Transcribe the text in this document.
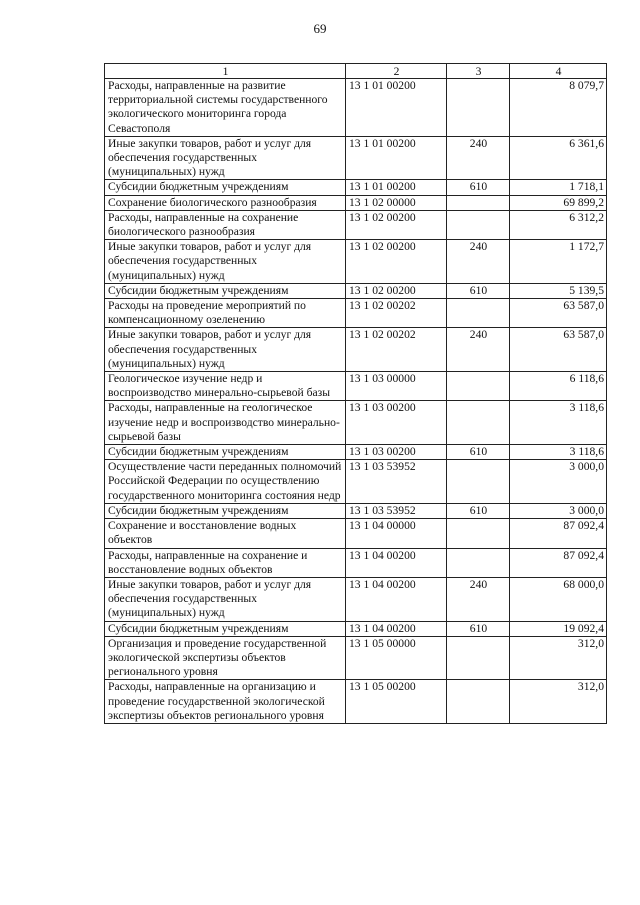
69
1	2	3	4
Расходы, направленные на развитие территориальной системы государственного экологического мониторинга города Севастополя	13 1 01 00200		8 079,7
Иные закупки товаров, работ и услуг для обеспечения государственных (муниципальных) нужд	13 1 01 00200	240	6 361,6
Субсидии бюджетным учреждениям	13 1 01 00200	610	1 718,1
Сохранение биологического разнообразия	13 1 02 00000		69 899,2
Расходы, направленные на сохранение биологического разнообразия	13 1 02 00200		6 312,2
Иные закупки товаров, работ и услуг для обеспечения государственных (муниципальных) нужд	13 1 02 00200	240	1 172,7
Субсидии бюджетным учреждениям	13 1 02 00200	610	5 139,5
Расходы на проведение мероприятий по компенсационному озеленению	13 1 02 00202		63 587,0
Иные закупки товаров, работ и услуг для обеспечения государственных (муниципальных) нужд	13 1 02 00202	240	63 587,0
Геологическое изучение недр и воспроизводство минерально-сырьевой базы	13 1 03 00000		6 118,6
Расходы, направленные на геологическое изучение недр и воспроизводство минерально-сырьевой базы	13 1 03 00200		3 118,6
Субсидии бюджетным учреждениям	13 1 03 00200	610	3 118,6
Осуществление части переданных полномочий Российской Федерации по осуществлению государственного мониторинга состояния недр	13 1 03 53952		3 000,0
Субсидии бюджетным учреждениям	13 1 03 53952	610	3 000,0
Сохранение и восстановление водных объектов	13 1 04 00000		87 092,4
Расходы, направленные на сохранение и восстановление водных объектов	13 1 04 00200		87 092,4
Иные закупки товаров, работ и услуг для обеспечения государственных (муниципальных) нужд	13 1 04 00200	240	68 000,0
Субсидии бюджетным учреждениям	13 1 04 00200	610	19 092,4
Организация и проведение государственной экологической экспертизы объектов регионального уровня	13 1 05 00000		312,0
Расходы, направленные на организацию и проведение государственной экологической экспертизы объектов регионального уровня	13 1 05 00200		312,0
